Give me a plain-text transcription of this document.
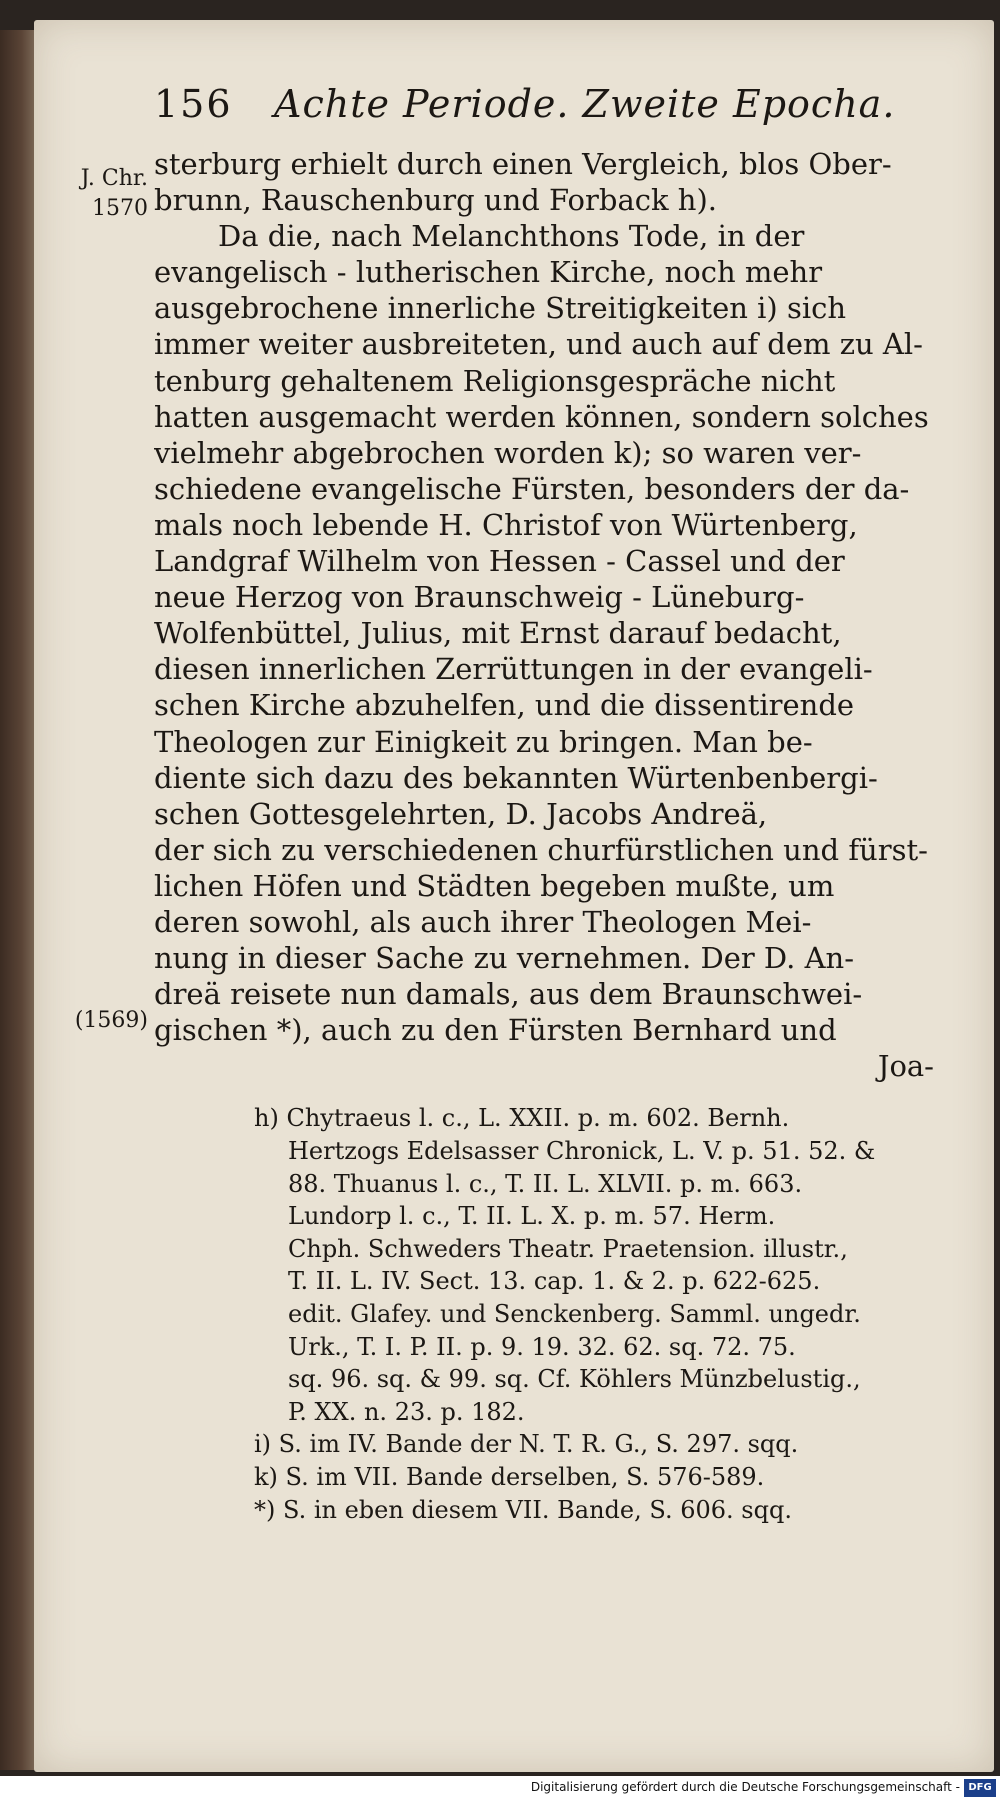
156	Achte Periode. Zweite Epocha.
J. Chr.
1570
(1569)
sterburg erhielt durch einen Vergleich, blos Ober-
brunn, Rauschenburg und Forback h).
Da die, nach Melanchthons Tode, in der
evangelisch - lutherischen Kirche, noch mehr
ausgebrochene innerliche Streitigkeiten i) sich
immer weiter ausbreiteten, und auch auf dem zu Al-
tenburg gehaltenem Religionsgespräche nicht
hatten ausgemacht werden können, sondern solches
vielmehr abgebrochen worden k); so waren ver-
schiedene evangelische Fürsten, besonders der da-
mals noch lebende H. Christof von Würtenberg,
Landgraf Wilhelm von Hessen - Cassel und der
neue Herzog von Braunschweig - Lüneburg-
Wolfenbüttel, Julius, mit Ernst darauf bedacht,
diesen innerlichen Zerrüttungen in der evangeli-
schen Kirche abzuhelfen, und die dissentirende
Theologen zur Einigkeit zu bringen. Man be-
diente sich dazu des bekannten Würtenbenbergi-
schen Gottesgelehrten, D. Jacobs Andreä,
der sich zu verschiedenen churfürstlichen und fürst-
lichen Höfen und Städten begeben mußte, um
deren sowohl, als auch ihrer Theologen Mei-
nung in dieser Sache zu vernehmen. Der D. An-
dreä reisete nun damals, aus dem Braunschwei-
gischen *), auch zu den Fürsten Bernhard und
Joa-
h) Chytraeus l. c., L. XXII. p. m. 602. Bernh.
Hertzogs Edelsasser Chronick, L. V. p. 51. 52. &
88. Thuanus l. c., T. II. L. XLVII. p. m. 663.
Lundorp l. c., T. II. L. X. p. m. 57. Herm.
Chph. Schweders Theatr. Praetension. illustr.,
T. II. L. IV. Sect. 13. cap. 1. & 2. p. 622-625.
edit. Glafey. und Senckenberg. Samml. ungedr.
Urk., T. I. P. II. p. 9. 19. 32. 62. sq. 72. 75.
sq. 96. sq. & 99. sq. Cf. Köhlers Münzbelustig.,
P. XX. n. 23. p. 182.
i) S. im IV. Bande der N. T. R. G., S. 297. sqq.
k) S. im VII. Bande derselben, S. 576-589.
*) S. in eben diesem VII. Bande, S. 606. sqq.
Digitalisierung gefördert durch die Deutsche Forschungsgemeinschaft - DFG
